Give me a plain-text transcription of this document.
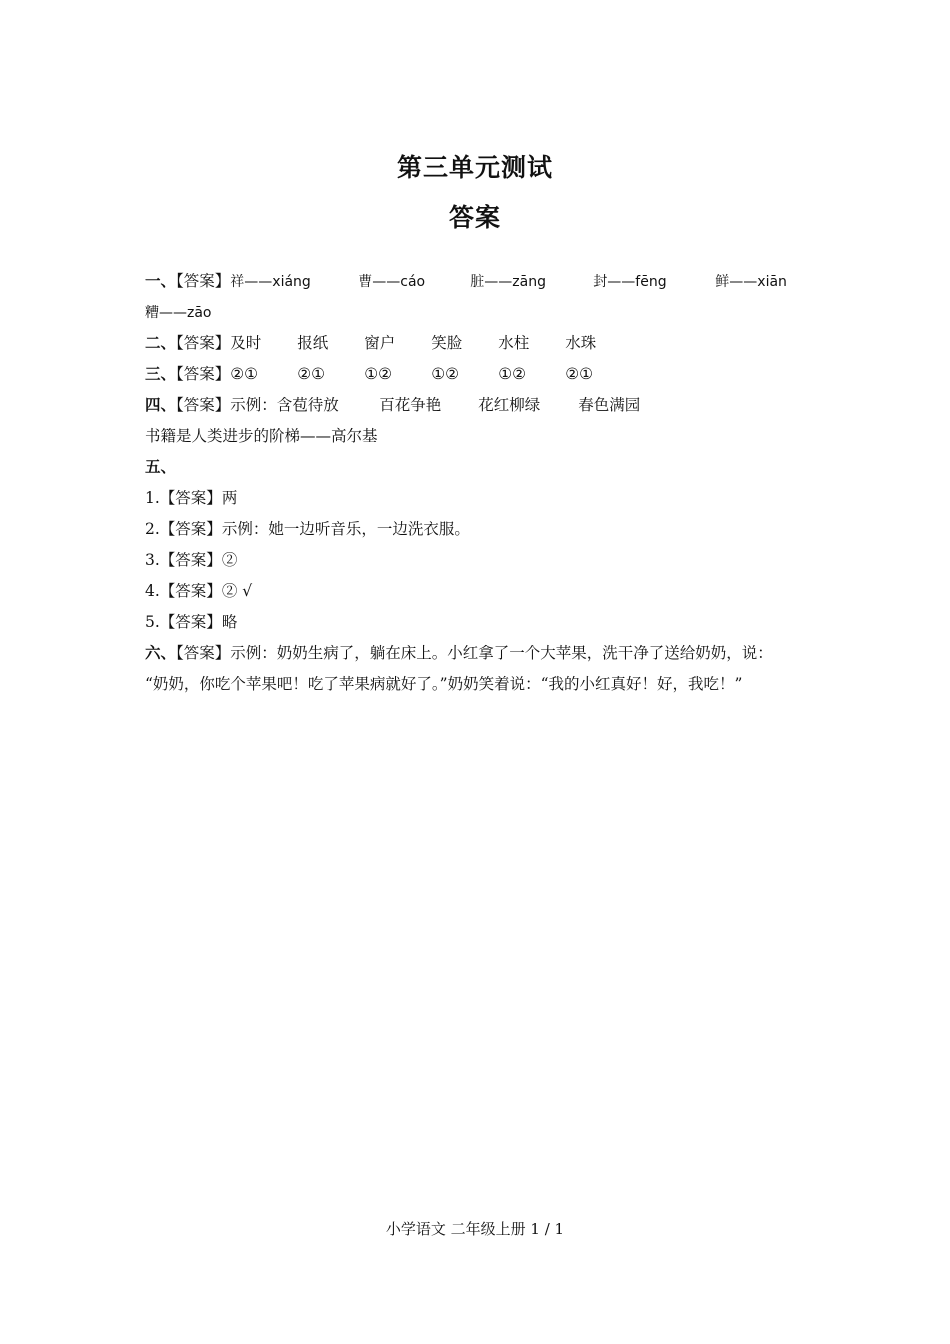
第三单元测试
答案
一、【答案】祥——xiáng	曹——cáo	脏——zāng	封——fēng	鲜——xiān
糟——zāo
二、【答案】及时 报纸 窗户 笑脸 水柱 水珠
三、【答案】②①	②①	①②	①②	①②	②①
四、【答案】示例：含苞待放	百花争艳 花红柳绿 春色满园
书籍是人类进步的阶梯——高尔基
五、
1.【答案】两
2.【答案】示例：她一边听音乐，一边洗衣服。
3.【答案】②
4.【答案】② √
5.【答案】略
六、【答案】示例：奶奶生病了，躺在床上。小红拿了一个大苹果，洗干净了送给奶奶，说：
“奶奶，你吃个苹果吧！吃了苹果病就好了。”奶奶笑着说：“我的小红真好！好，我吃！”
小学语文 二年级上册 1 / 1
